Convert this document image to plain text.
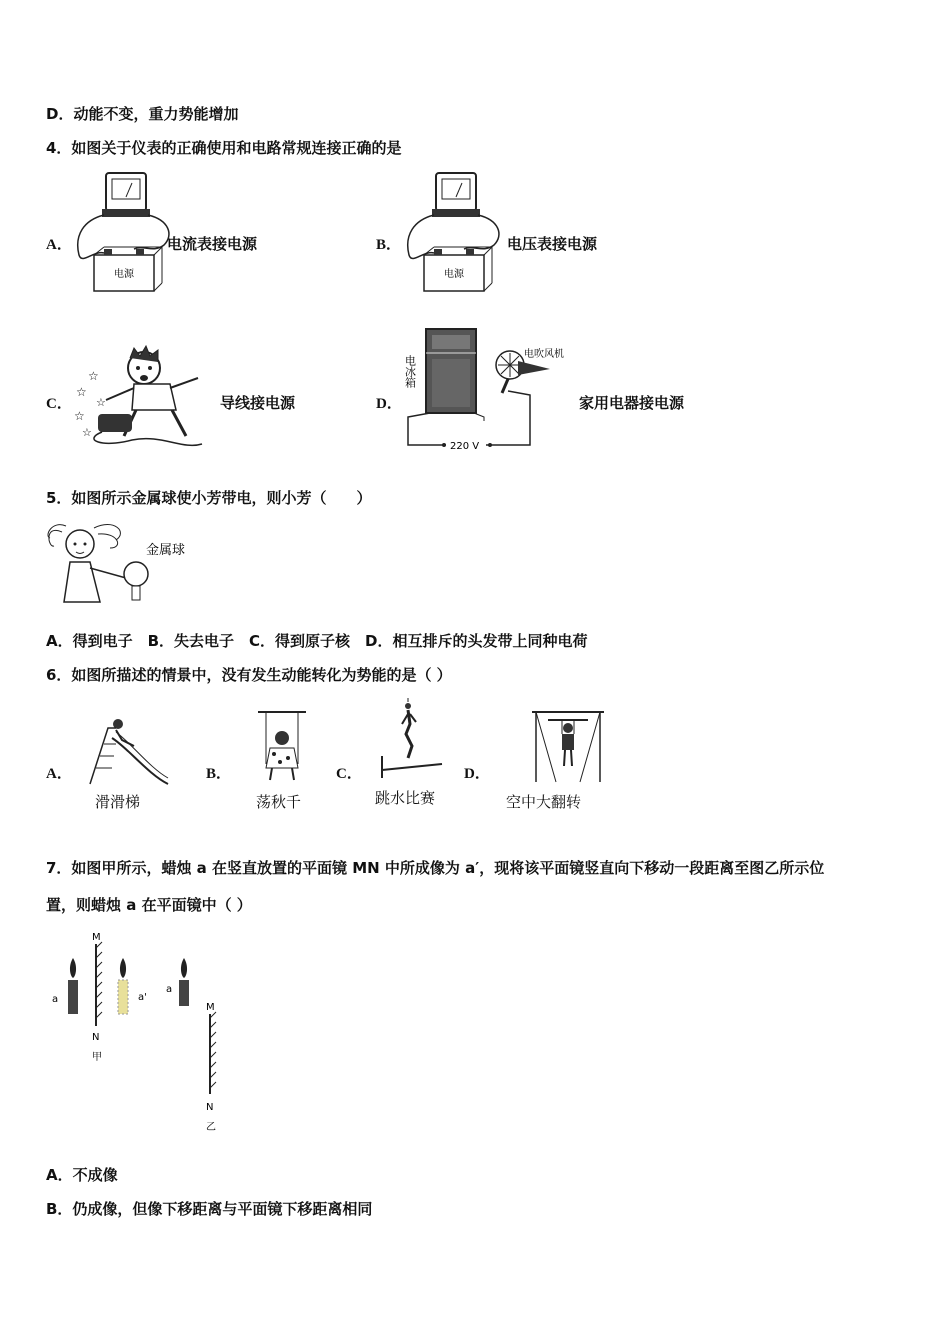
D．动能不变，重力势能增加
4．如图关于仪表的正确使用和电路常规连接正确的是
A．
电源
电流表接电源	B．
电源
电压表接电源
C．
☆
☆
☆
☆
☆
导线接电源	D．
电冰箱
电吹风机
220 V
家用电器接电源
5．如图所示金属球使小芳带电，则小芳（　　）
金属球
A．得到电子　B．失去电子　C．得到原子核　D．相互排斥的头发带上同种电荷
6．如图所描述的情景中，没有发生动能转化为势能的是（ ）
A．
滑滑梯
B．
荡秋千
C．
跳水比赛
D．
空中大翻转
7．如图甲所示，蜡烛 a 在竖直放置的平面镜 MN 中所成像为 a′，现将该平面镜竖直向下移动一段距离至图乙所示位
置，则蜡烛 a 在平面镜中（ ）
M
N
甲
a	a'
a
M
N
乙
A．不成像
B．仍成像，但像下移距离与平面镜下移距离相同
